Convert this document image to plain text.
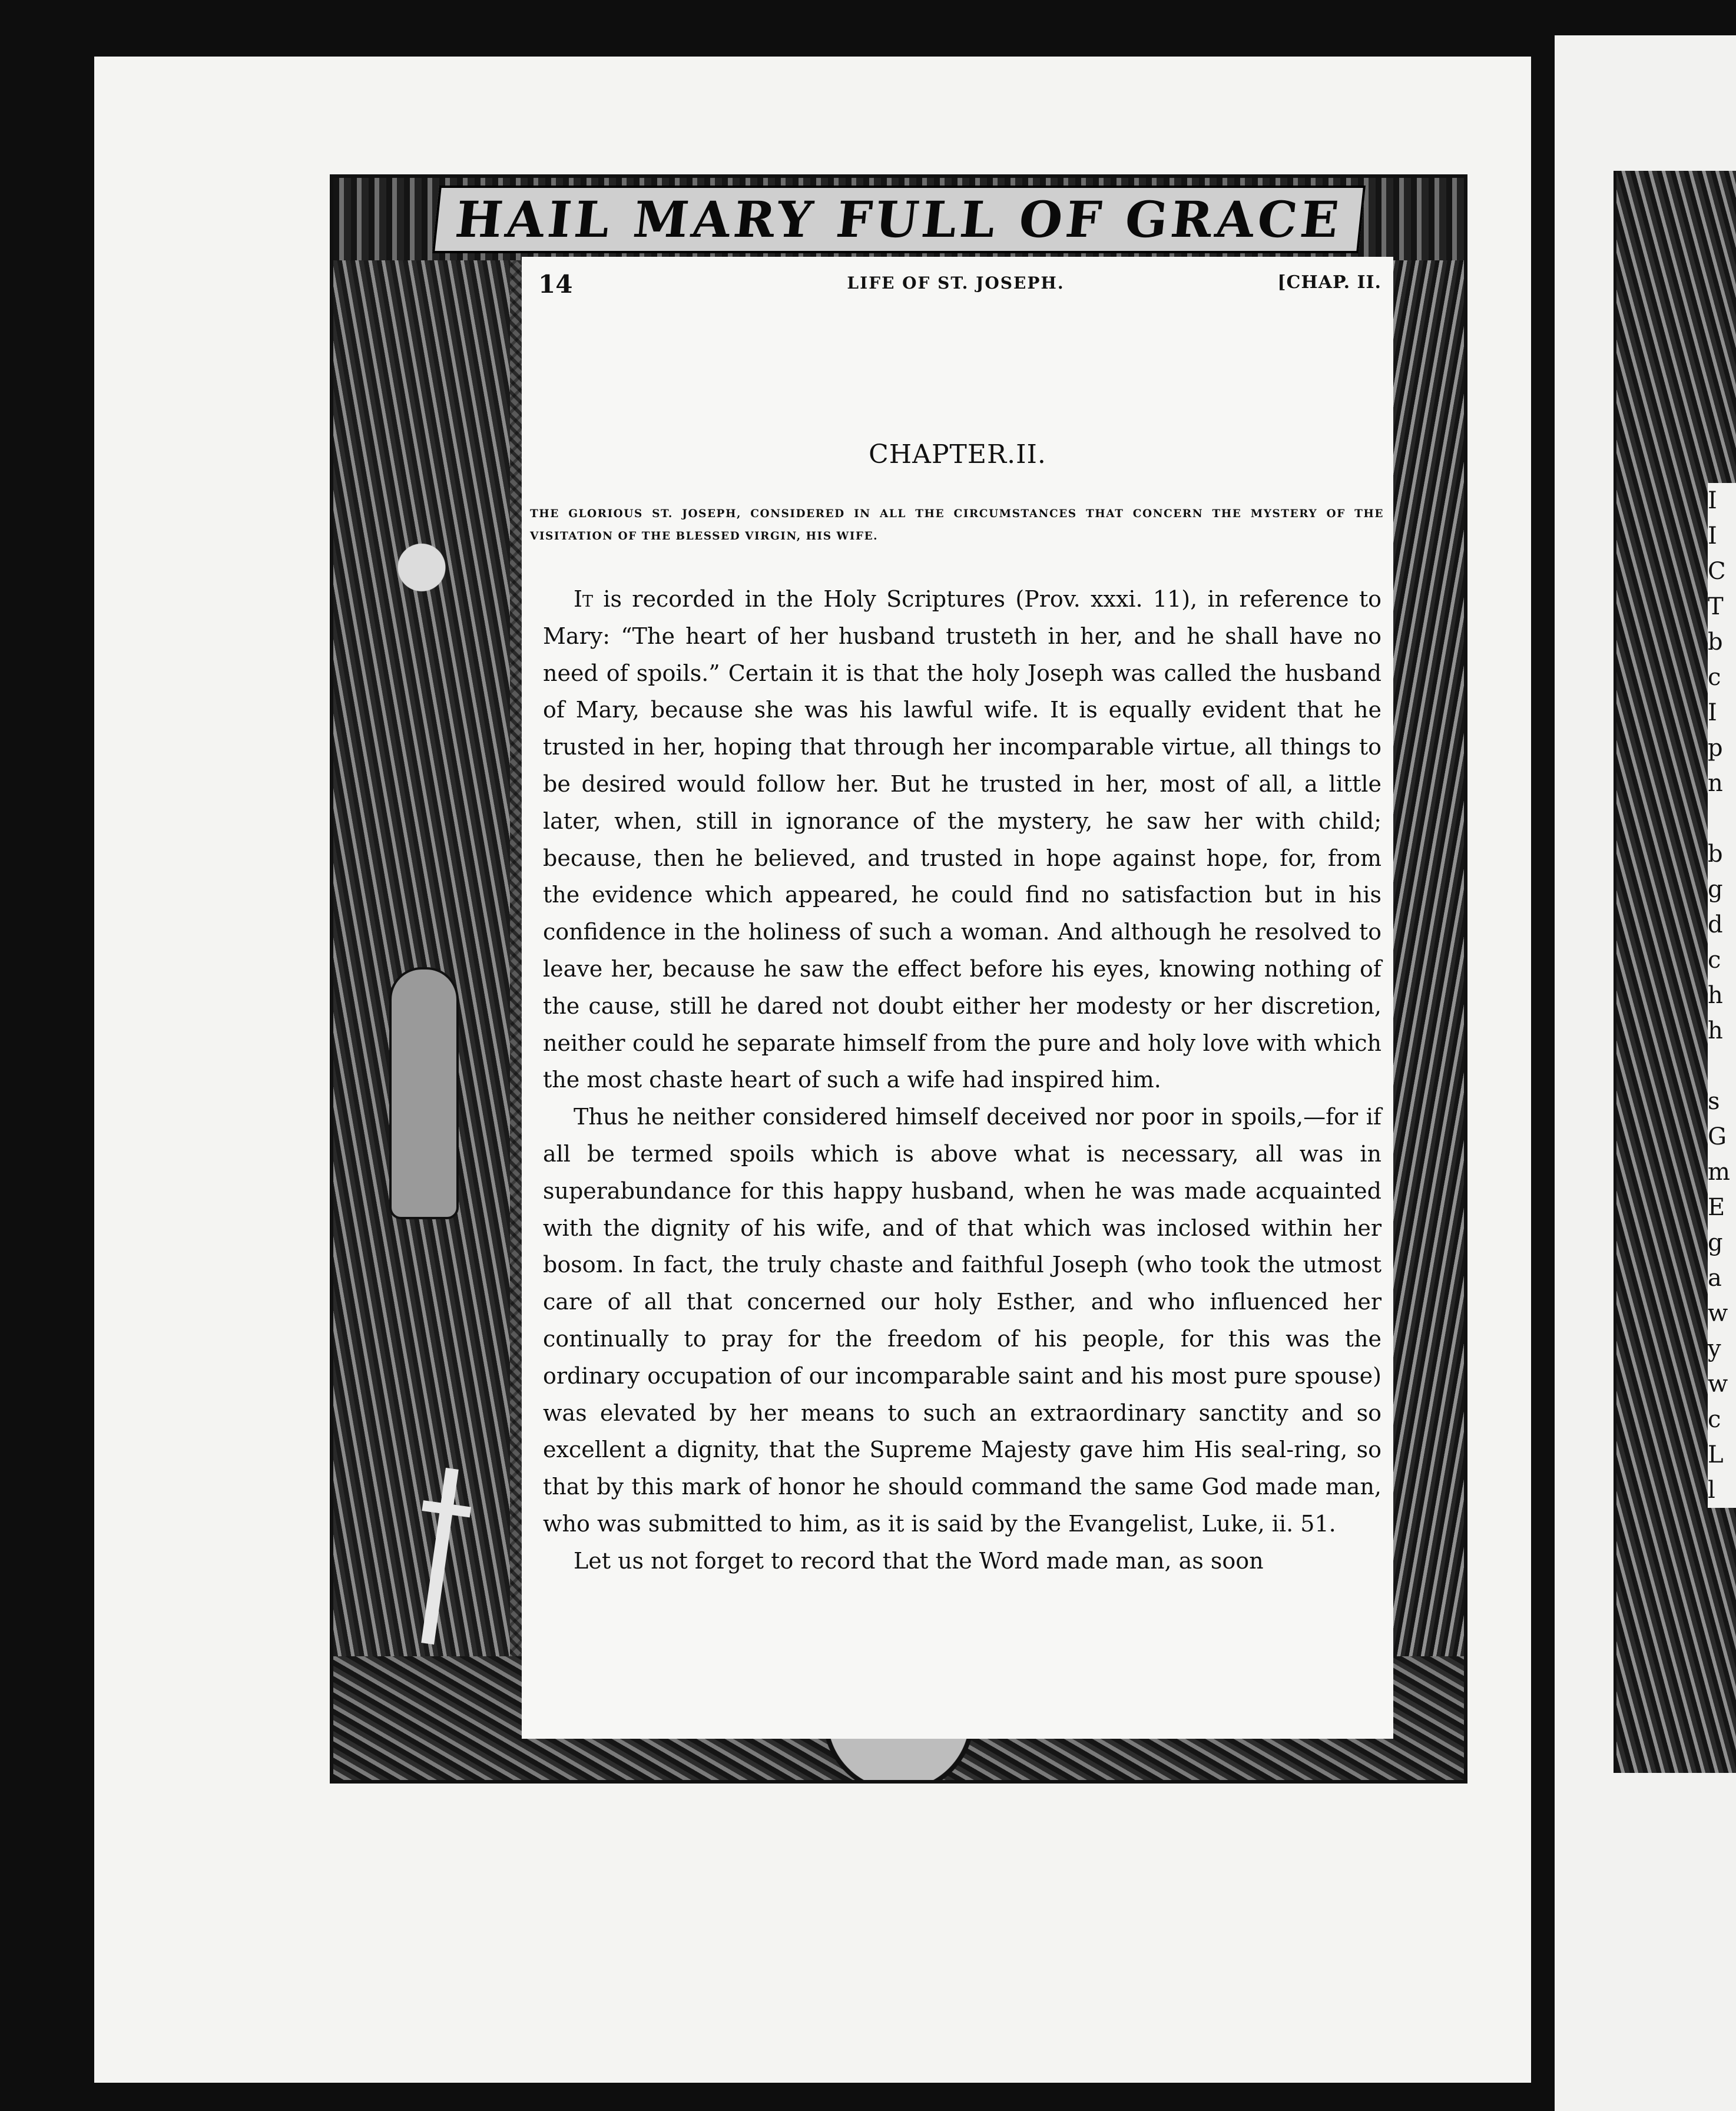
HAIL MARY FULL OF GRACE
14	LIFE OF ST. JOSEPH.	[CHAP. II.
CHAPTER.II.
THE GLORIOUS ST. JOSEPH, CONSIDERED IN ALL THE CIRCUMSTANCES THAT CONCERN THE MYSTERY OF THE VISITATION OF THE BLESSED VIRGIN, HIS WIFE.

It is recorded in the Holy Scriptures (Prov. xxxi. 11), in reference to Mary: “The heart of her husband trusteth in her, and he shall have no need of spoils.” Certain it is that the holy Joseph was called the husband of Mary, because she was his lawful wife. It is equally evident that he trusted in her, hoping that through her incomparable virtue, all things to be desired would follow her. But he trusted in her, most of all, a little later, when, still in ignorance of the mystery, he saw her with child; because, then he believed, and trusted in hope against hope, for, from the evidence which appeared, he could find no satisfaction but in his confidence in the holiness of such a woman. And although he resolved to leave her, because he saw the effect before his eyes, knowing nothing of the cause, still he dared not doubt either her modesty or her discretion, neither could he separate himself from the pure and holy love with which the most chaste heart of such a wife had inspired him.

Thus he neither considered himself deceived nor poor in spoils,—for if all be termed spoils which is above what is necessary, all was in superabundance for this happy husband, when he was made acquainted with the dignity of his wife, and of that which was inclosed within her bosom. In fact, the truly chaste and faithful Joseph (who took the utmost care of all that concerned our holy Esther, and who influenced her continually to pray for the freedom of his people, for this was the ordinary occupation of our incomparable saint and his most pure spouse) was elevated by her means to such an extraordinary sanctity and so excellent a dignity, that the Supreme Majesty gave him His seal-ring, so that by this mark of honor he should command the same God made man, who was submitted to him, as it is said by the Evangelist, Luke, ii. 51.

Let us not forget to record that the Word made man, as soon

I
I
C
T
b
c
I
p
n
b
g
d
c
h
h
s
G
m
E
g
a
w
y
w
c
L
l
